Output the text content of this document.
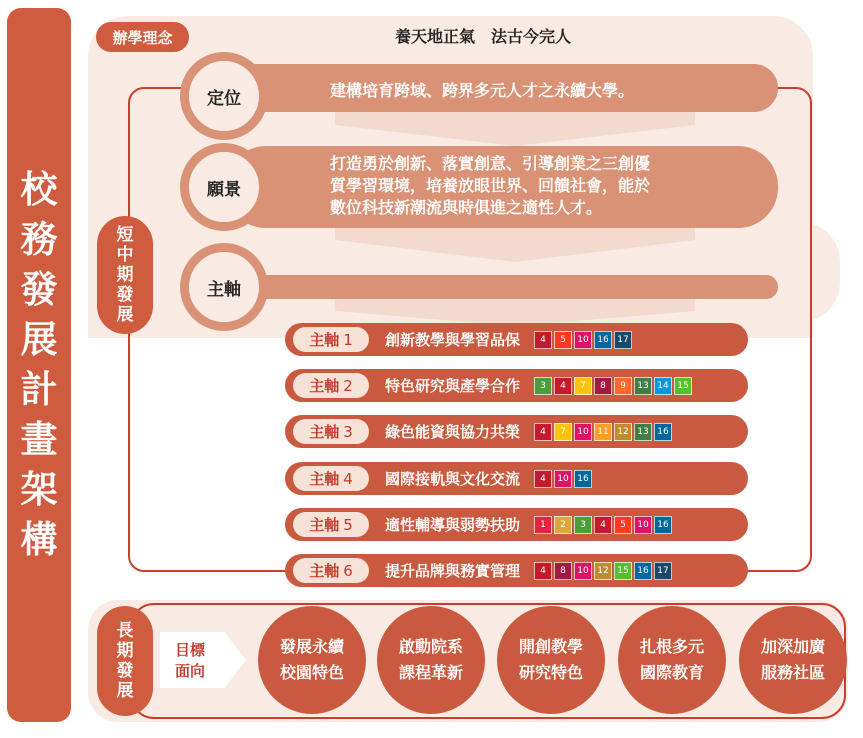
校
務
發
展
計
畫
架
構
辦學理念	養天地正氣　法古今完人
短
中
期
發
展
建構培育跨域、跨界多元人才之永續大學。
定位
打造勇於創新、落實創意、引導創業之三創優
質學習環境，培養放眼世界、回饋社會，能於
數位科技新潮流與時俱進之適性人才。
願景
主軸
主軸 1 創新教學與學習品保	4	5	10 16 17
主軸 2 特色研究與產學合作	3	4	7	8	9	13 14 15
主軸 3 綠色能資與協力共榮	4	7	10 11 12 13 16
主軸 4 國際接軌與文化交流	4	10 16
主軸 5 適性輔導與弱勢扶助	1	2	3	4	5	10 16
主軸 6 提升品牌與務實管理	4	8	10 12 15 16 17
長
期
發
展
目標
面向
發展永續
校園特色
啟動院系
課程革新
開創教學
研究特色
扎根多元
國際教育
加深加廣
服務社區
